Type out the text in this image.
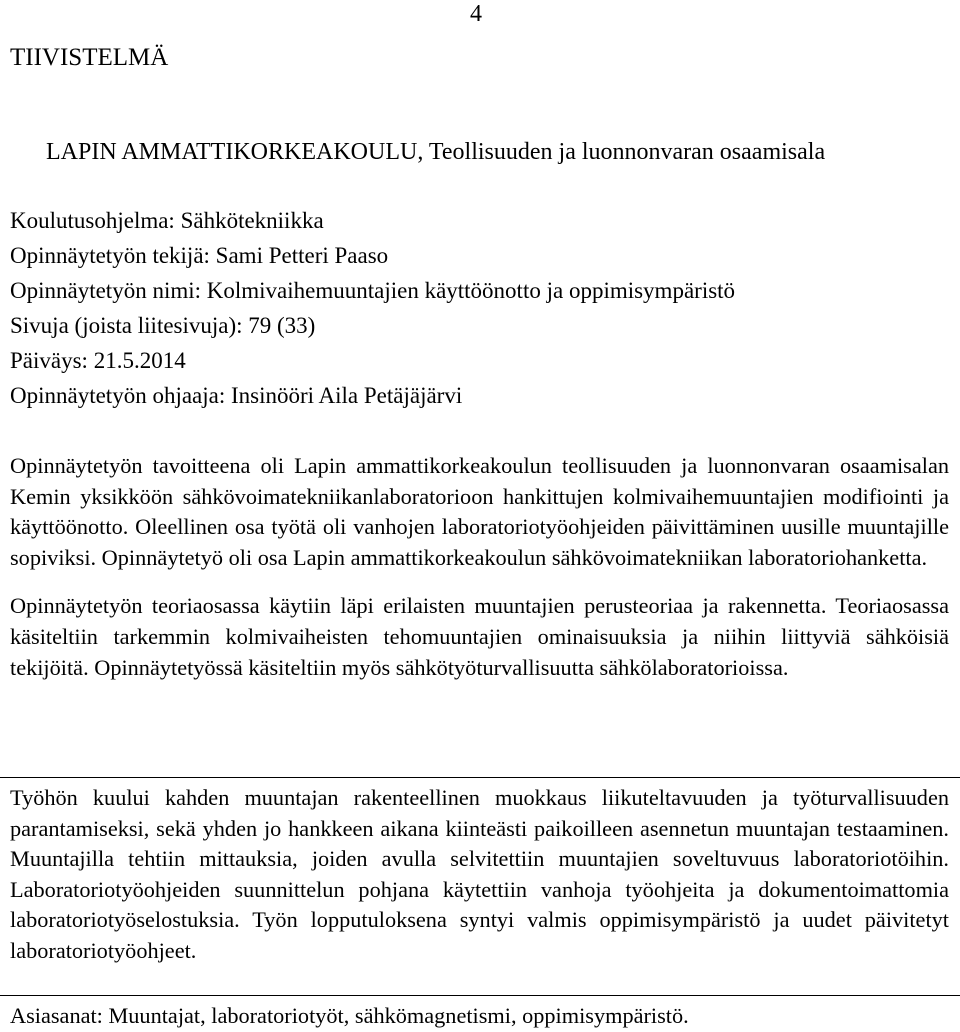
4
TIIVISTELMÄ
LAPIN AMMATTIKORKEAKOULU, Teollisuuden ja luonnonvaran osaamisala
Koulutusohjelma: Sähkötekniikka
Opinnäytetyön tekijä: Sami Petteri Paaso
Opinnäytetyön nimi: Kolmivaihemuuntajien käyttöönotto ja oppimisympäristö
Sivuja (joista liitesivuja): 79 (33)
Päiväys: 21.5.2014
Opinnäytetyön ohjaaja: Insinööri Aila Petäjäjärvi

Opinnäytetyön tavoitteena oli Lapin ammattikorkeakoulun teollisuuden ja luonnonvaran osaamisalan Kemin yksikköön sähkövoimatekniikanlaboratorioon hankittujen kolmivaihemuuntajien modifiointi ja käyttöönotto. Oleellinen osa työtä oli vanhojen laboratoriotyöohjeiden päivittäminen uusille muuntajille sopiviksi. Opinnäytetyö oli osa Lapin ammattikorkeakoulun sähkövoimatekniikan laboratoriohanketta.

Opinnäytetyön teoriaosassa käytiin läpi erilaisten muuntajien perusteoriaa ja rakennetta. Teoriaosassa käsiteltiin tarkemmin kolmivaiheisten tehomuuntajien ominaisuuksia ja niihin liittyviä sähköisiä tekijöitä. Opinnäytetyössä käsiteltiin myös sähkötyöturvallisuutta sähkölaboratorioissa.

Työhön kuului kahden muuntajan rakenteellinen muokkaus liikuteltavuuden ja työturvallisuuden parantamiseksi, sekä yhden jo hankkeen aikana kiinteästi paikoilleen asennetun muuntajan testaaminen. Muuntajilla tehtiin mittauksia, joiden avulla selvitettiin muuntajien soveltuvuus laboratoriotöihin. Laboratoriotyöohjeiden suunnittelun pohjana käytettiin vanhoja työohjeita ja dokumentoimattomia laboratoriotyöselostuksia. Työn lopputuloksena syntyi valmis oppimisympäristö ja uudet päivitetyt laboratoriotyöohjeet.

Asiasanat: Muuntajat, laboratoriotyöt, sähkömagnetismi, oppimisympäristö.
